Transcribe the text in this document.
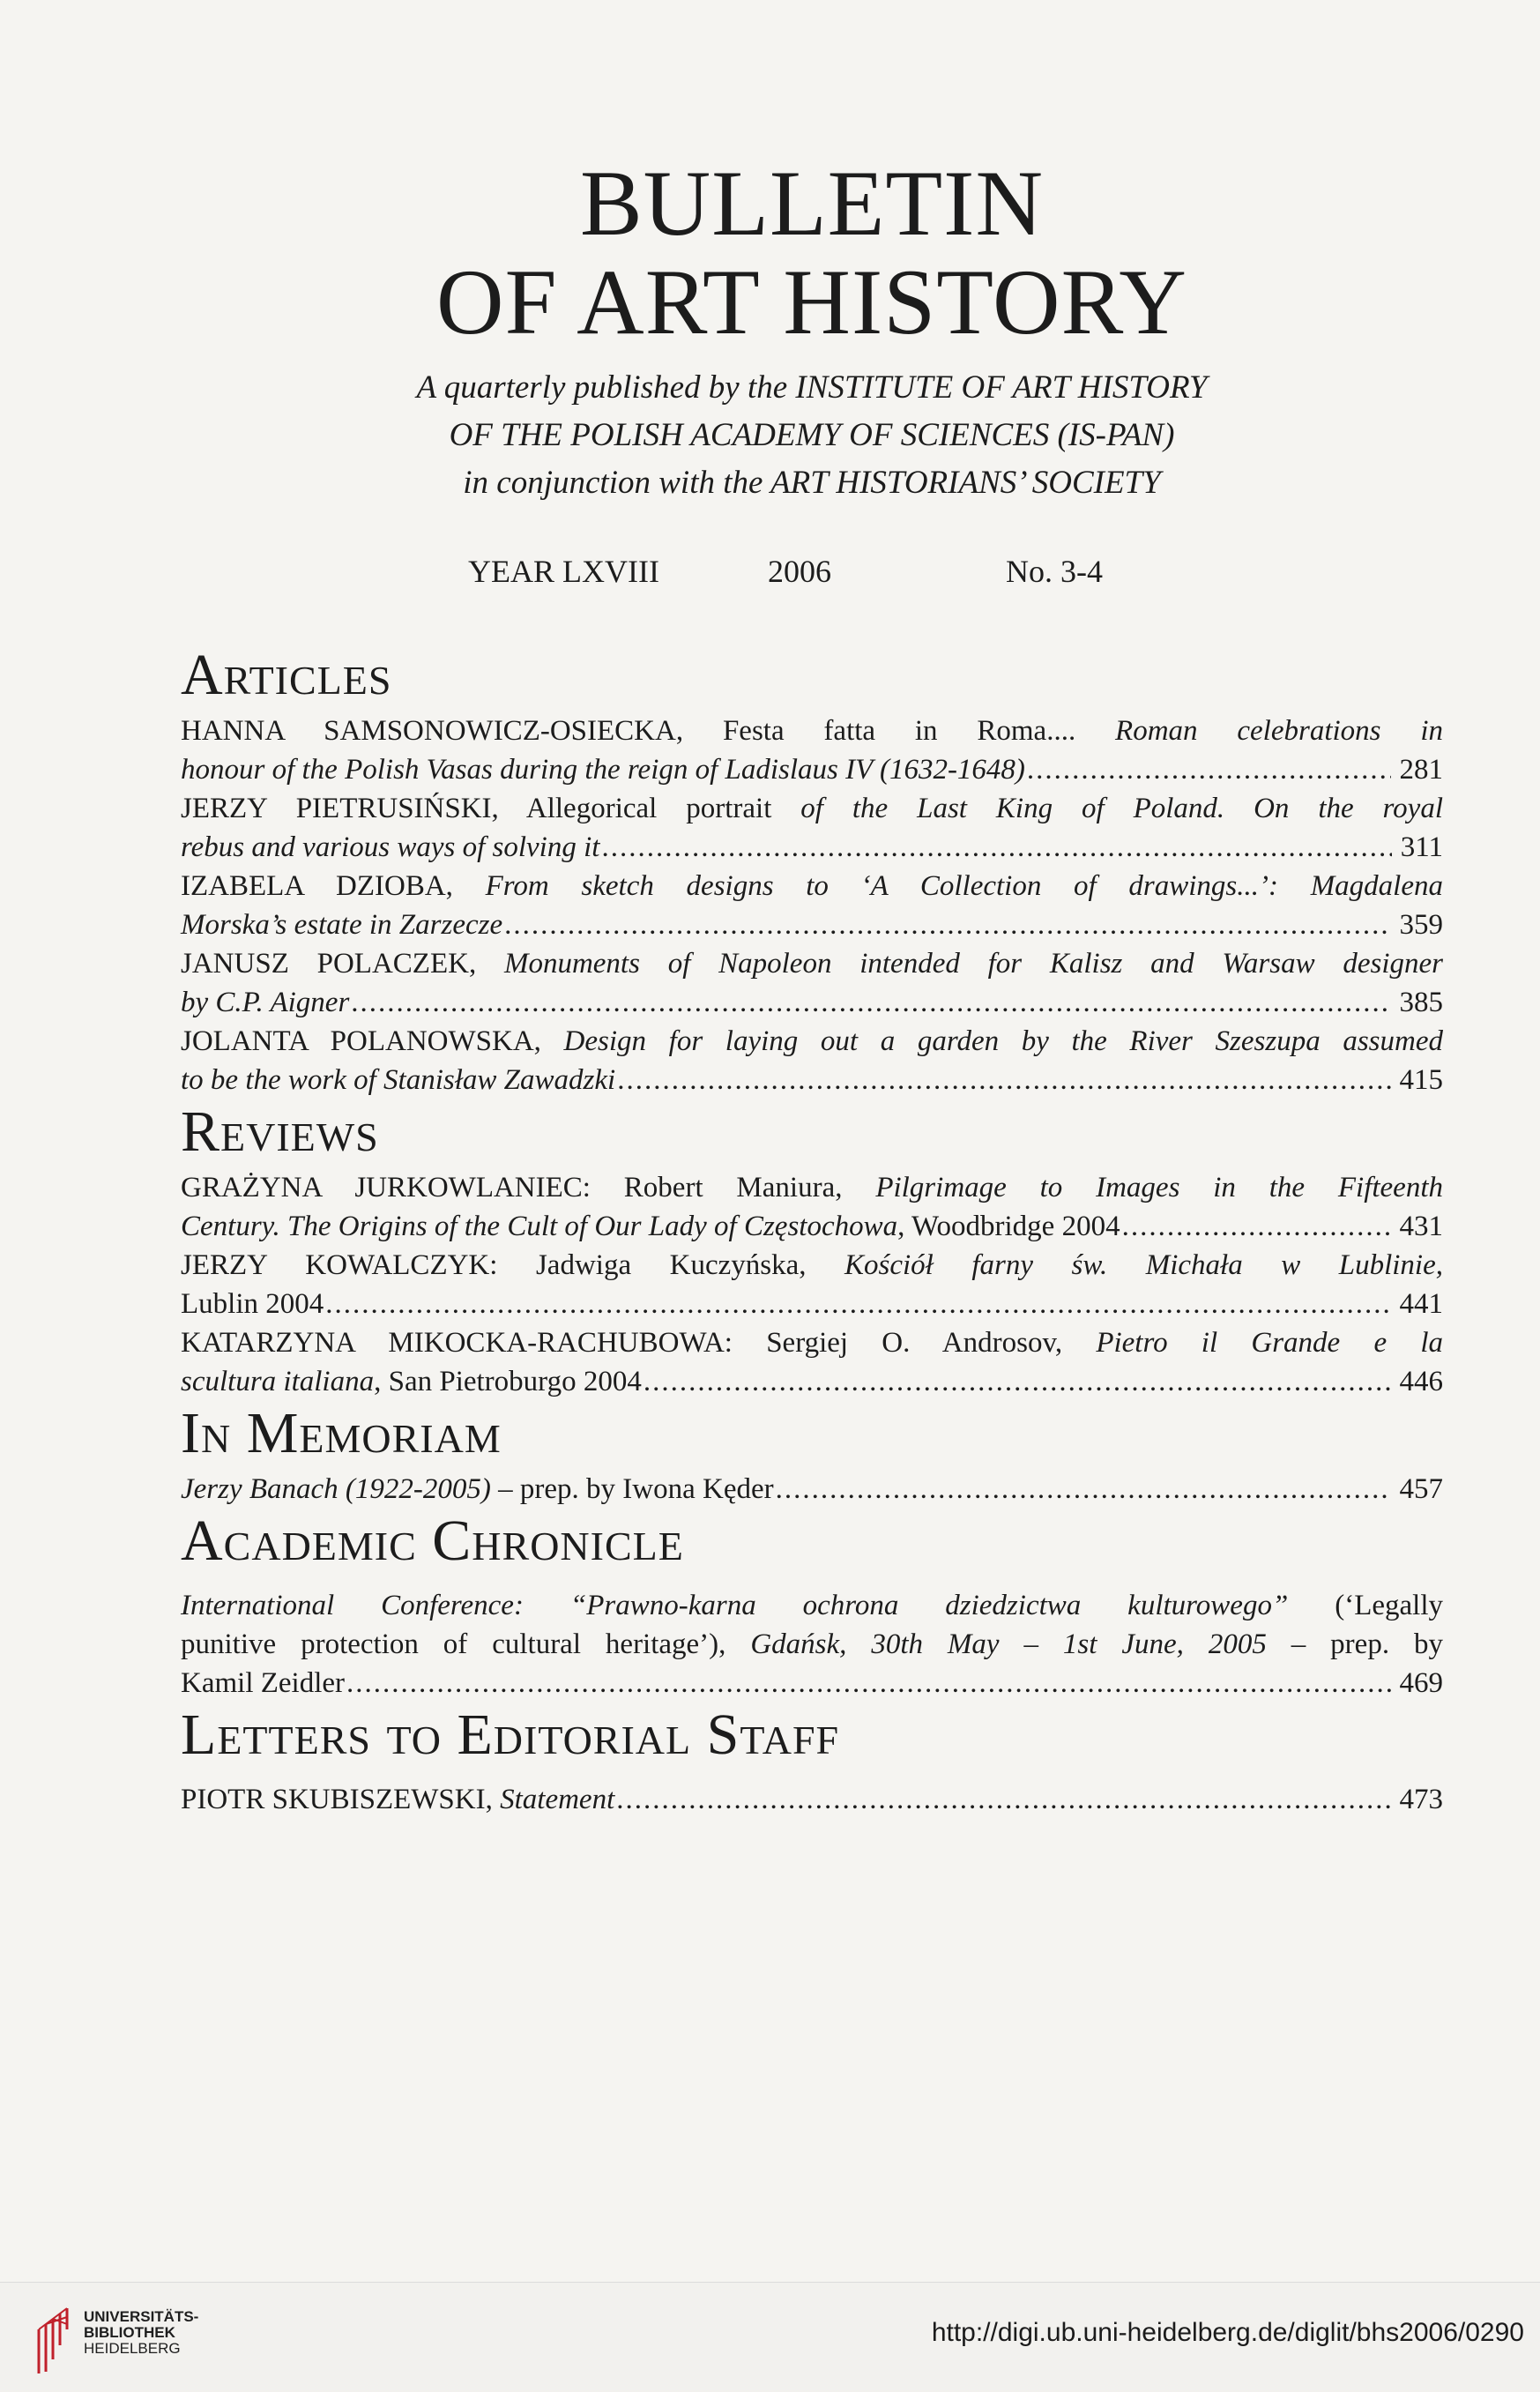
BULLETIN
OF ART HISTORY
A quarterly published by the INSTITUTE OF ART HISTORY
OF THE POLISH ACADEMY OF SCIENCES (IS-PAN)
in conjunction with the ART HISTORIANS’ SOCIETY
YEAR LXVIII	2006	No. 3-4
Articles
HANNA SAMSONOWICZ-OSIECKA, Festa fatta in Roma.... Roman celebrations in
honour of the Polish Vasas during the reign of Ladislaus IV (1632-1648) .....	281
JERZY PIETRUSIŃSKI, Allegorical portrait of the Last King of Poland. On the royal
rebus and various ways of solving it .....	311
IZABELA DZIOBA, From sketch designs to ‘A Collection of drawings...’: Magdalena
Morska’s estate in Zarzecze .....	359
JANUSZ POLACZEK, Monuments of Napoleon intended for Kalisz and Warsaw designer
by C.P. Aigner .....	385
JOLANTA POLANOWSKA, Design for laying out a garden by the River Szeszupa assumed
to be the work of Stanisław Zawadzki .....	415
Reviews
GRAŻYNA JURKOWLANIEC: Robert Maniura, Pilgrimage to Images in the Fifteenth
Century. The Origins of the Cult of Our Lady of Częstochowa, Woodbridge 2004 .....	431
JERZY KOWALCZYK: Jadwiga Kuczyńska, Kościół farny św. Michała w Lublinie,
Lublin 2004 .....	441
KATARZYNA MIKOCKA-RACHUBOWA: Sergiej O. Androsov, Pietro il Grande e la
scultura italiana, San Pietroburgo 2004 .....	446
In Memoriam
Jerzy Banach (1922-2005) – prep. by Iwona Kęder .....	457
Academic Chronicle
International Conference: “Prawno-karna ochrona dziedzictwa kulturowego” (‘Legally
punitive protection of cultural heritage’), Gdańsk, 30th May – 1st June, 2005 – prep. by
Kamil Zeidler .....	469
Letters to Editorial Staff
PIOTR SKUBISZEWSKI, Statement .....	473
UNIVERSITÄTS-
BIBLIOTHEK
HEIDELBERG
http://digi.ub.uni-heidelberg.de/diglit/bhs2006/0290
